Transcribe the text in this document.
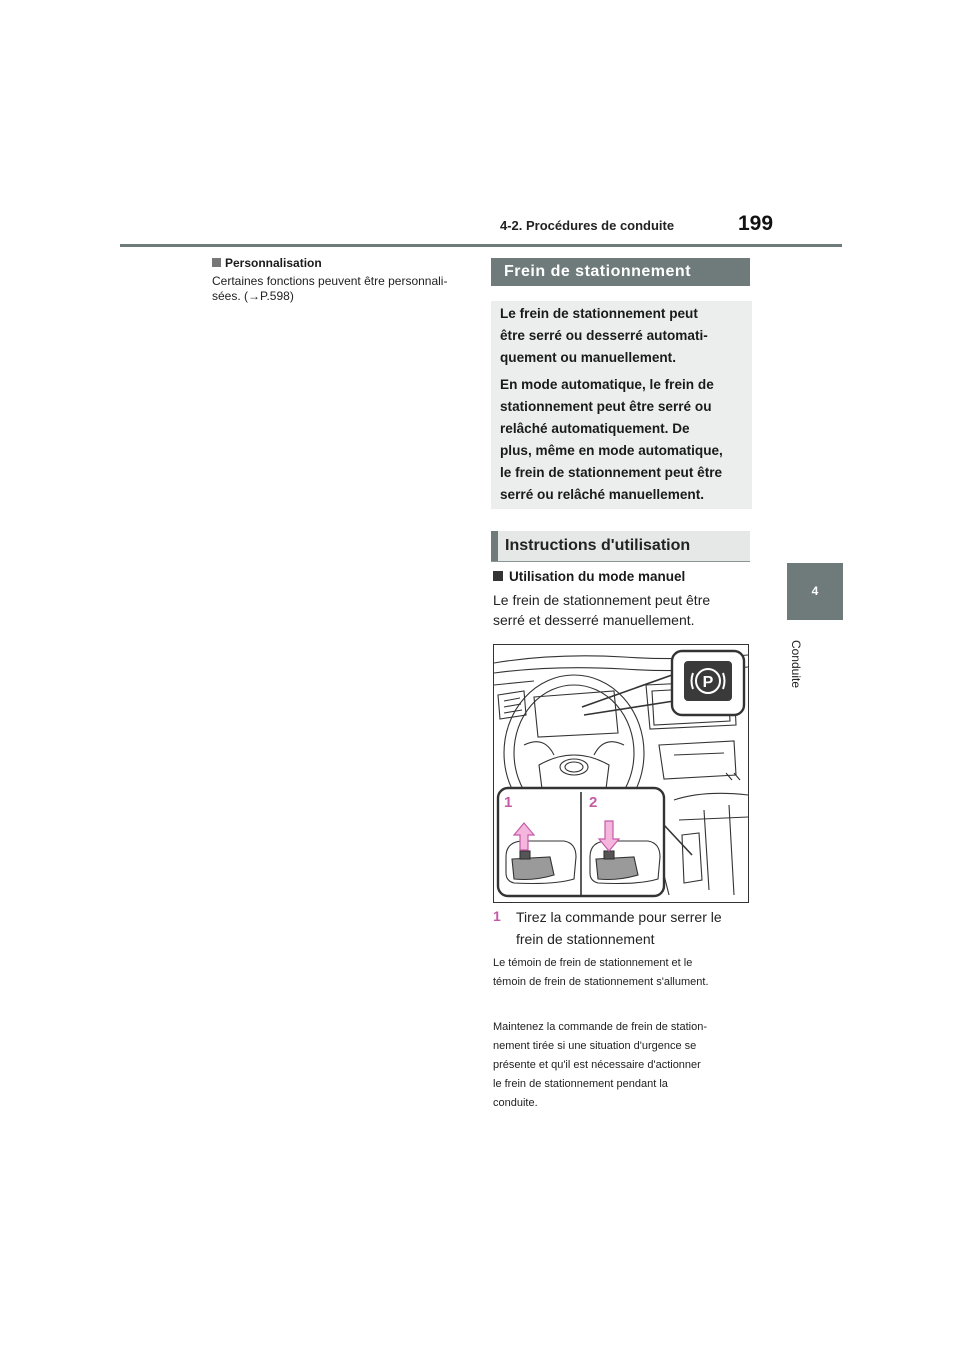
4-2. Procédures de conduite	199
4
Conduite
Personnalisation
Certaines fonctions peuvent être personnali-
sées. (→P.598)
Frein de stationnement

Le frein de stationnement peut

être serré ou desserré automati-

quement ou manuellement.

En mode automatique, le frein de

stationnement peut être serré ou

relâché automatiquement. De

plus, même en mode automatique,

le frein de stationnement peut être

serré ou relâché manuellement.

Instructions d'utilisation
Utilisation du mode manuel
Le frein de stationnement peut être
serré et desserré manuellement.
P
1	2
1 Tirez la commande pour serrer le
frein de stationnement
Le témoin de frein de stationnement et le
témoin de frein de stationnement s'allument.
Maintenez la commande de frein de station-
nement tirée si une situation d'urgence se
présente et qu'il est nécessaire d'actionner
le frein de stationnement pendant la
conduite.
